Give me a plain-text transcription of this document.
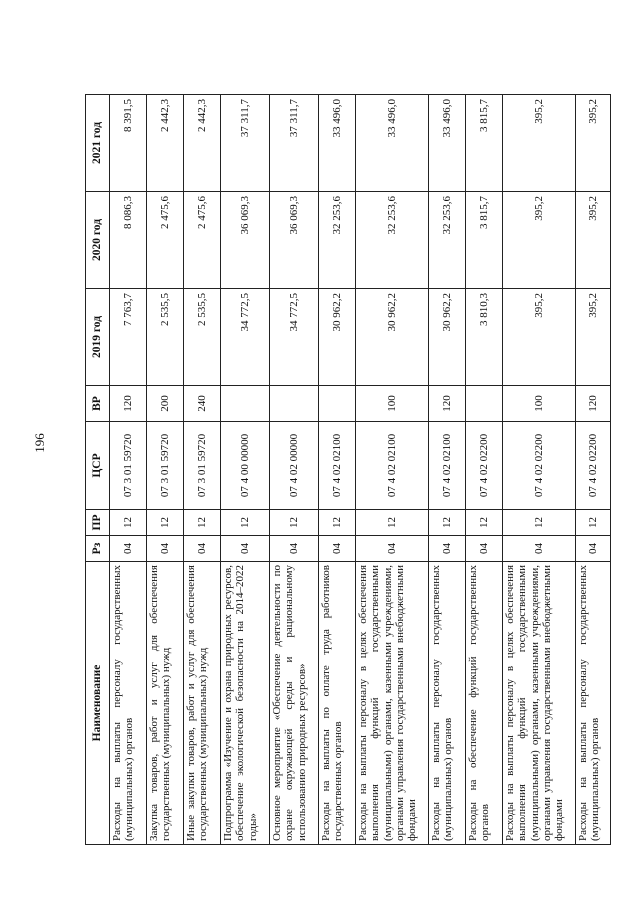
196
Наименование	Рз	ПР	ЦСР	ВР	2019 год	2020 год	2021 год
Расходы на выплаты персоналу государственных (муниципальных) органов	04	12	07 3 01 59720	120	7 763,7	8 086,3	8 391,5
Закупка товаров, работ и услуг для обеспечения государственных (муниципальных) нужд	04	12	07 3 01 59720	200	2 535,5	2 475,6	2 442,3
Иные закупки товаров, работ и услуг для обеспечения государственных (муниципальных) нужд	04	12	07 3 01 59720	240	2 535,5	2 475,6	2 442,3
Подпрограмма «Изучение и охрана природных ресурсов, обеспечение экологической безопасности на 2014–2022 годы»	04	12	07 4 00 00000		34 772,5	36 069,3	37 311,7
Основное мероприятие «Обеспечение деятельности по охране окружающей среды и рациональному использованию природных ресурсов»	04	12	07 4 02 00000		34 772,5	36 069,3	37 311,7
Расходы на выплаты по оплате труда работников государственных органов	04	12	07 4 02 02100		30 962,2	32 253,6	33 496,0
Расходы на выплаты персоналу в целях обеспечения выполнения функций государственными (муниципальными) органами, казенными учреждениями, органами управления государственными внебюджетными фондами	04	12	07 4 02 02100	100	30 962,2	32 253,6	33 496,0
Расходы на выплаты персоналу государственных (муниципальных) органов	04	12	07 4 02 02100	120	30 962,2	32 253,6	33 496,0
Расходы на обеспечение функций государственных органов	04	12	07 4 02 02200		3 810,3	3 815,7	3 815,7
Расходы на выплаты персоналу в целях обеспечения выполнения функций государственными (муниципальными) органами, казенными учреждениями, органами управления государственными внебюджетными фондами	04	12	07 4 02 02200	100	395,2	395,2	395,2
Расходы на выплаты персоналу государственных (муниципальных) органов	04	12	07 4 02 02200	120	395,2	395,2	395,2
